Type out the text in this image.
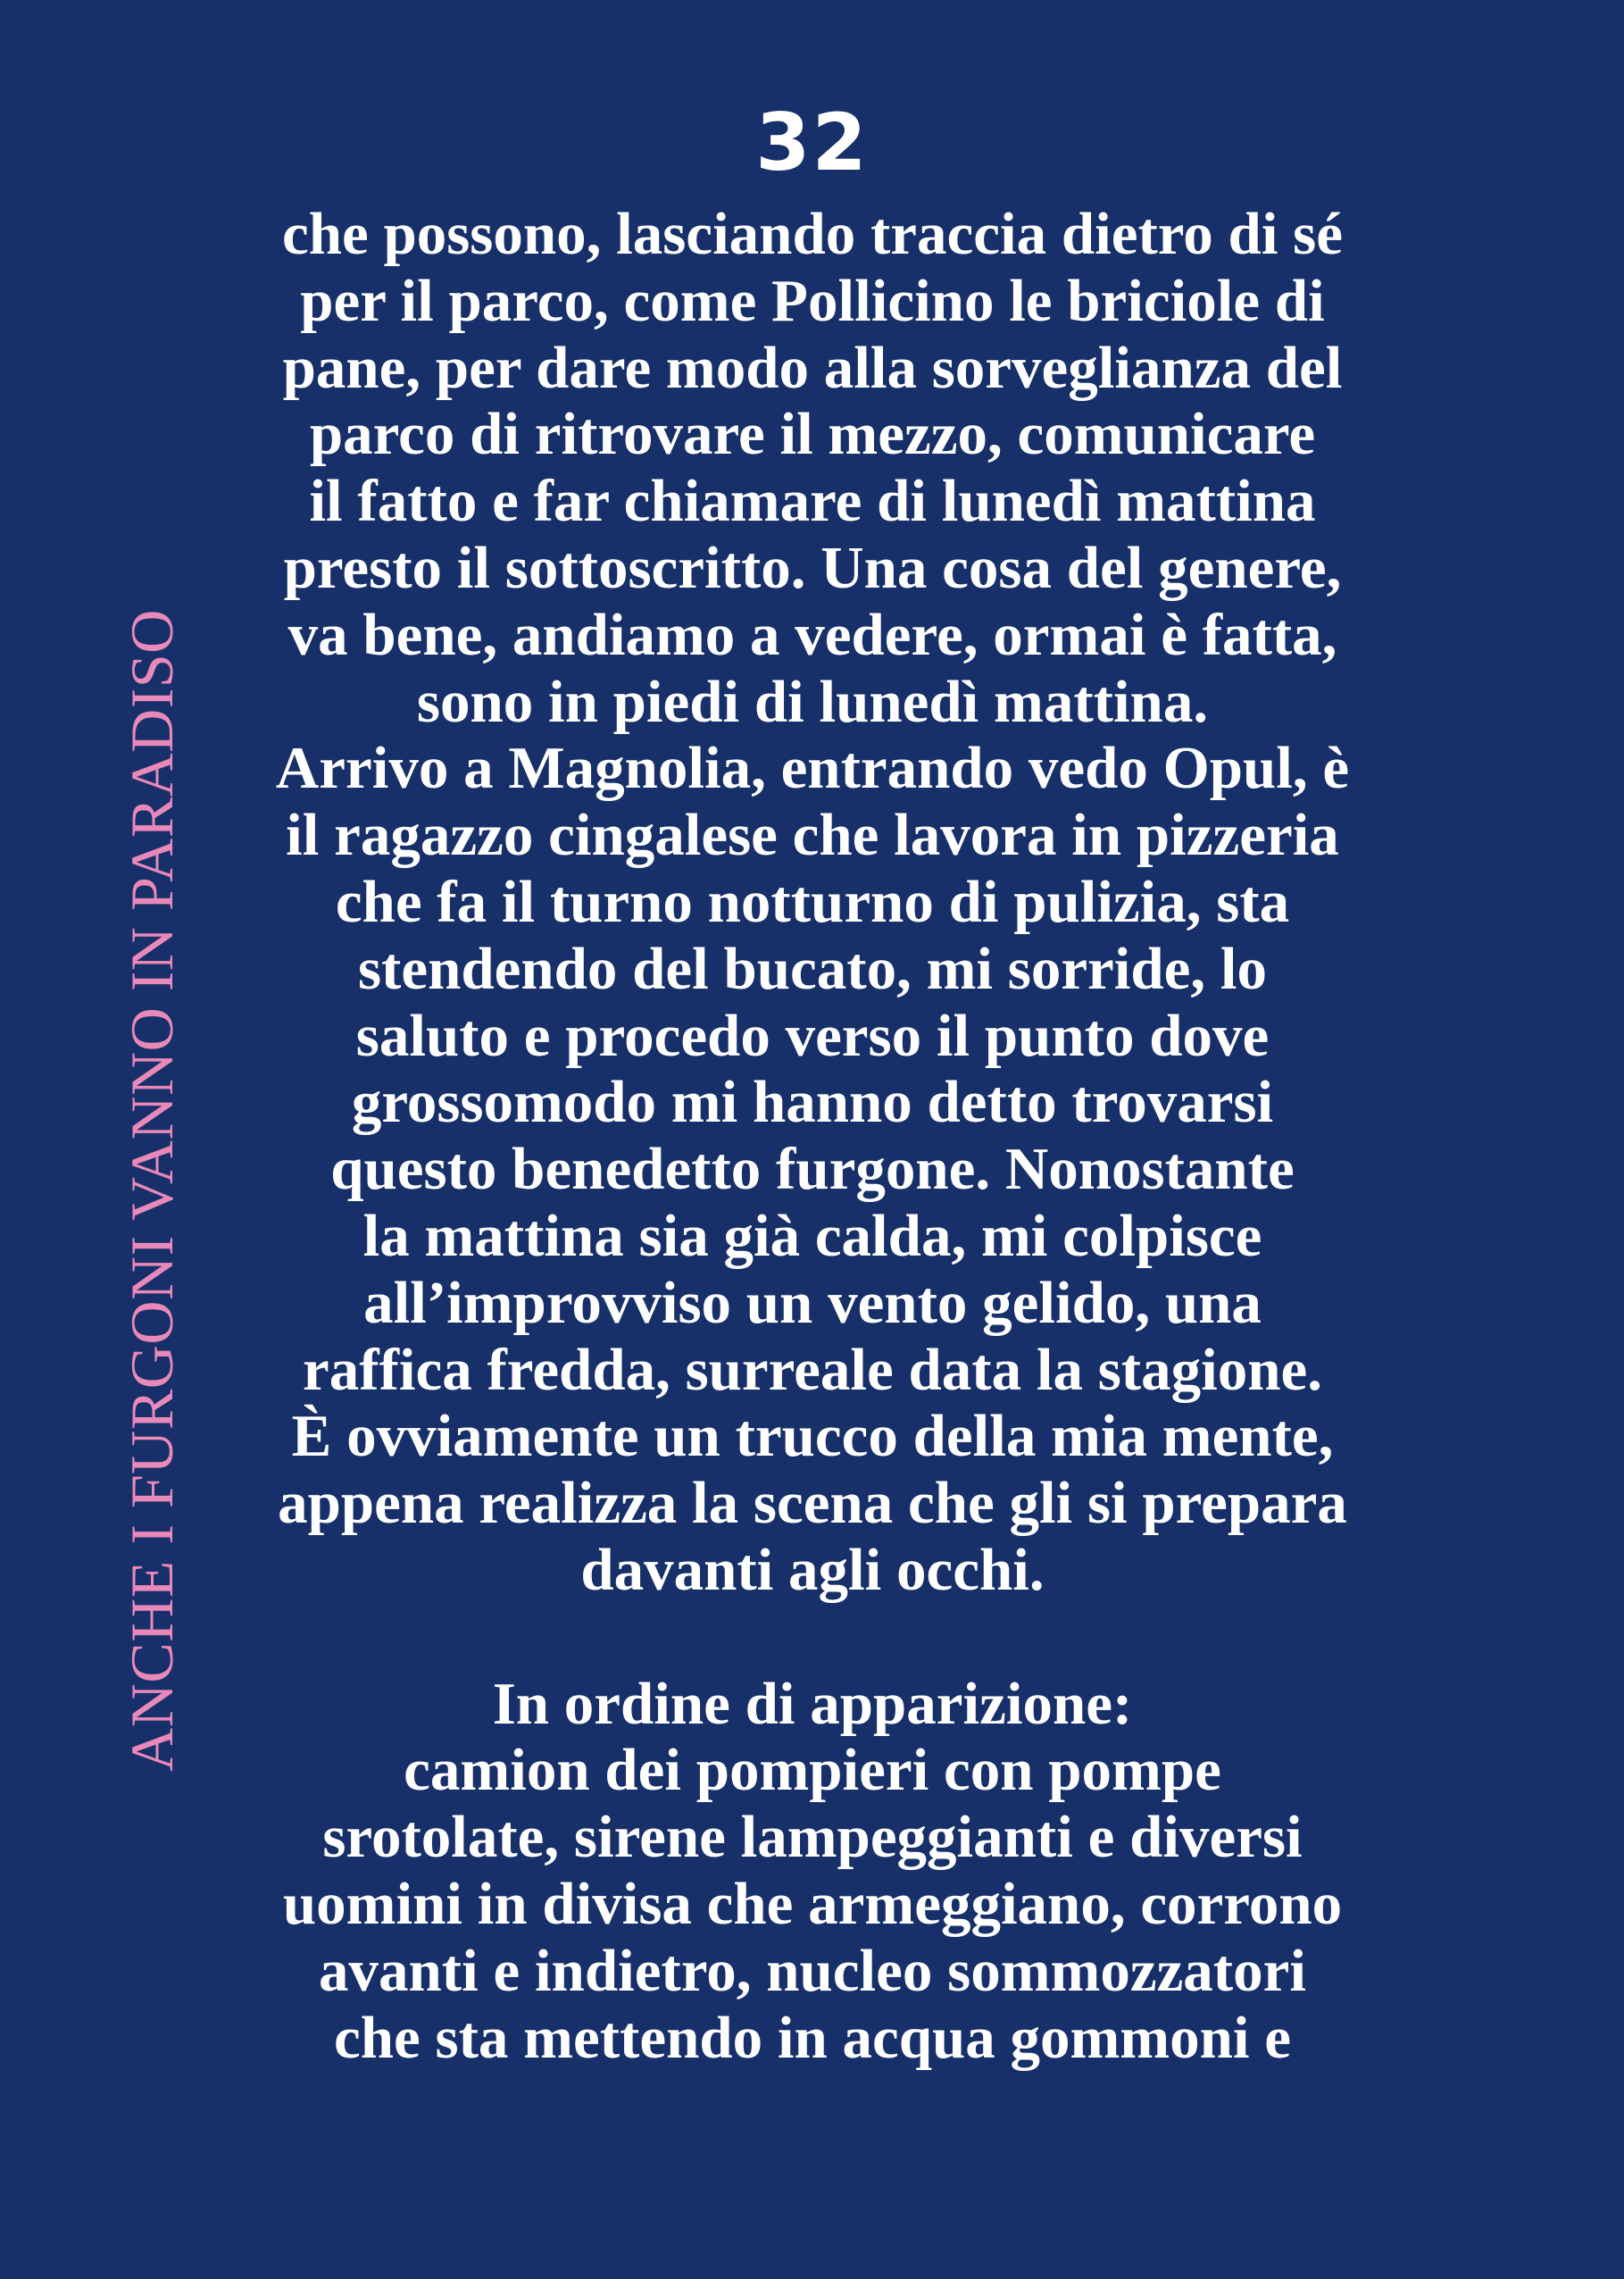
32
ANCHE I FURGONI VANNO IN PARADISO
che possono, lasciando traccia dietro di sé
per il parco, come Pollicino le briciole di
pane, per dare modo alla sorveglianza del
parco di ritrovare il mezzo, comunicare
il fatto e far chiamare di lunedì mattina
presto il sottoscritto. Una cosa del genere,
va bene, andiamo a vedere, ormai è fatta,
sono in piedi di lunedì mattina.
Arrivo a Magnolia, entrando vedo Opul, è
il ragazzo cingalese che lavora in pizzeria
che fa il turno notturno di pulizia, sta
stendendo del bucato, mi sorride, lo
saluto e procedo verso il punto dove
grossomodo mi hanno detto trovarsi
questo benedetto furgone. Nonostante
la mattina sia già calda, mi colpisce
all’improvviso un vento gelido, una
raffica fredda, surreale data la stagione.
È ovviamente un trucco della mia mente,
appena realizza la scena che gli si prepara
davanti agli occhi.
In ordine di apparizione:
camion dei pompieri con pompe
srotolate, sirene lampeggianti e diversi
uomini in divisa che armeggiano, corrono
avanti e indietro, nucleo sommozzatori
che sta mettendo in acqua gommoni e
